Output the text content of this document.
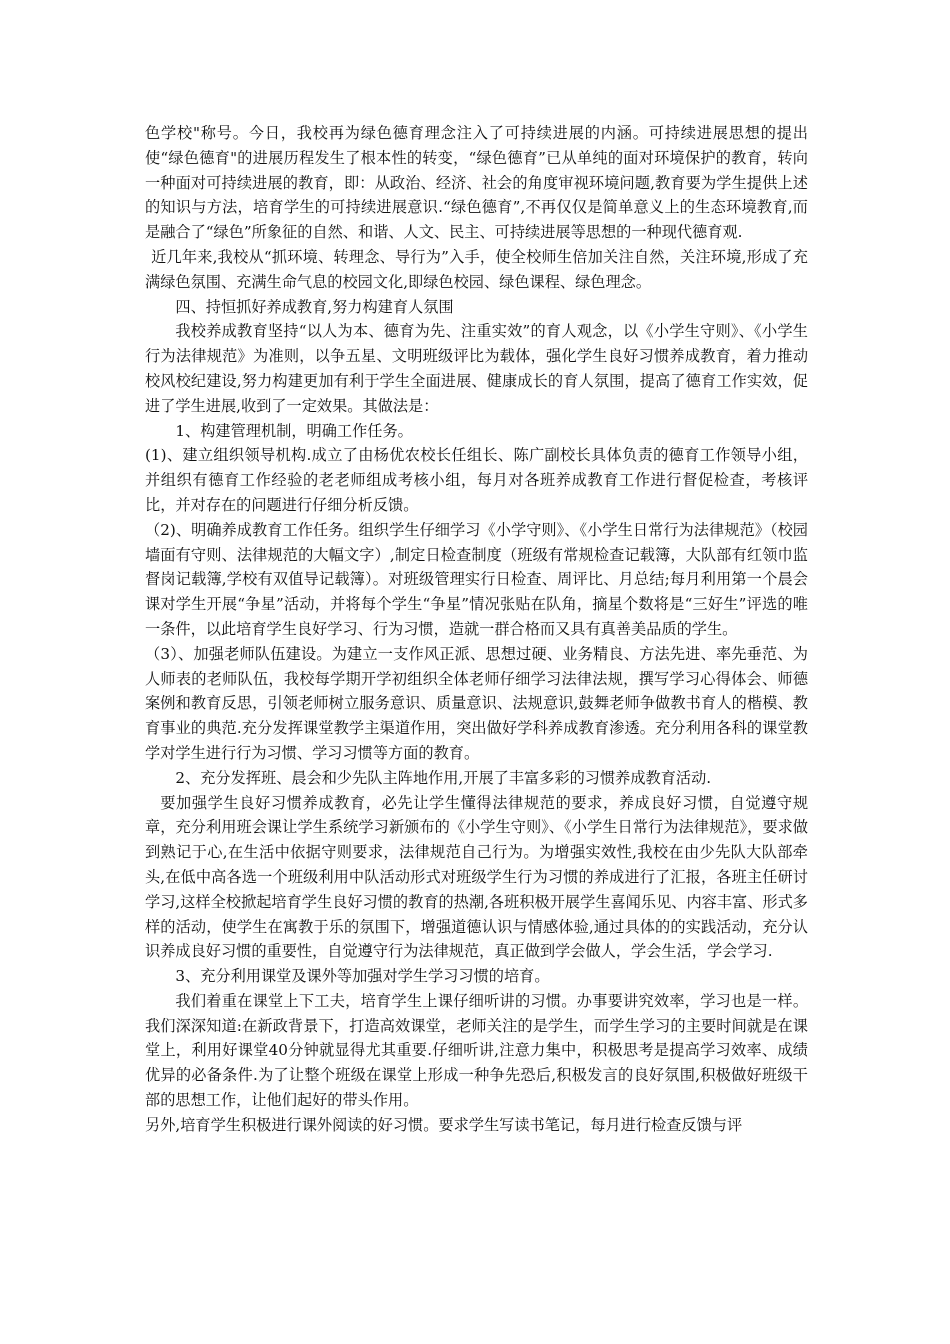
色学校"称号。今日，我校再为绿色德育理念注入了可持续进展的内涵。可持续进展思想的提出使“绿色德育"的进展历程发生了根本性的转变，“绿色德育”已从单纯的面对环境保护的教育，转向一种面对可持续进展的教育，即：从政治、经济、社会的角度审视环境问题,教育要为学生提供上述的知识与方法，培育学生的可持续进展意识.“绿色德育”,不再仅仅是简单意义上的生态环境教育,而是融合了“绿色”所象征的自然、和谐、人文、民主、可持续进展等思想的一种现代德育观.

近几年来,我校从“抓环境、转理念、导行为”入手，使全校师生倍加关注自然，关注环境,形成了充满绿色氛围、充满生命气息的校园文化,即绿色校园、绿色课程、绿色理念。

四、持恒抓好养成教育,努力构建育人氛围

我校养成教育坚持“以人为本、德育为先、注重实效”的育人观念，以《小学生守则》、《小学生行为法律规范》为准则，以争五星、文明班级评比为载体，强化学生良好习惯养成教育，着力推动校风校纪建设,努力构建更加有利于学生全面进展、健康成长的育人氛围，提高了德育工作实效，促进了学生进展,收到了一定效果。其做法是：

1、构建管理机制，明确工作任务。

(1)、建立组织领导机构.成立了由杨优农校长任组长、陈广副校长具体负责的德育工作领导小组，并组织有德育工作经验的老老师组成考核小组，每月对各班养成教育工作进行督促检查，考核评比，并对存在的问题进行仔细分析反馈。

（2)、明确养成教育工作任务。组织学生仔细学习《小学守则》、《小学生日常行为法律规范》（校园墙面有守则、法律规范的大幅文字）,制定日检查制度（班级有常规检查记载簿，大队部有红领巾监督岗记载簿,学校有双值导记载簿）。对班级管理实行日检查、周评比、月总结;每月利用第一个晨会课对学生开展“争星”活动，并将每个学生“争星”情况张贴在队角，摘星个数将是“三好生”评选的唯一条件，以此培育学生良好学习、行为习惯，造就一群合格而又具有真善美品质的学生。

（3）、加强老师队伍建设。为建立一支作风正派、思想过硬、业务精良、方法先进、率先垂范、为人师表的老师队伍，我校每学期开学初组织全体老师仔细学习法律法规，撰写学习心得体会、师德案例和教育反思，引领老师树立服务意识、质量意识、法规意识,鼓舞老师争做教书育人的楷模、教育事业的典范.充分发挥课堂教学主渠道作用，突出做好学科养成教育渗透。充分利用各科的课堂教学对学生进行行为习惯、学习习惯等方面的教育。

2、充分发挥班、晨会和少先队主阵地作用,开展了丰富多彩的习惯养成教育活动.

要加强学生良好习惯养成教育，必先让学生懂得法律规范的要求，养成良好习惯，自觉遵守规章，充分利用班会课让学生系统学习新颁布的《小学生守则》、《小学生日常行为法律规范》，要求做到熟记于心,在生活中依据守则要求，法律规范自己行为。为增强实效性,我校在由少先队大队部牵头,在低中高各选一个班级利用中队活动形式对班级学生行为习惯的养成进行了汇报，各班主任研讨学习,这样全校掀起培育学生良好习惯的教育的热潮,各班积极开展学生喜闻乐见、内容丰富、形式多样的活动，使学生在寓教于乐的氛围下，增强道德认识与情感体验,通过具体的的实践活动，充分认识养成良好习惯的重要性，自觉遵守行为法律规范，真正做到学会做人，学会生活，学会学习.

3、充分利用课堂及课外等加强对学生学习习惯的培育。

我们着重在课堂上下工夫，培育学生上课仔细听讲的习惯。办事要讲究效率，学习也是一样。我们深深知道:在新政背景下，打造高效课堂，老师关注的是学生，而学生学习的主要时间就是在课堂上，利用好课堂40分钟就显得尤其重要.仔细听讲,注意力集中，积极思考是提高学习效率、成绩优异的必备条件.为了让整个班级在课堂上形成一种争先恐后,积极发言的良好氛围,积极做好班级干部的思想工作，让他们起好的带头作用。

另外,培育学生积极进行课外阅读的好习惯。要求学生写读书笔记，每月进行检查反馈与评
